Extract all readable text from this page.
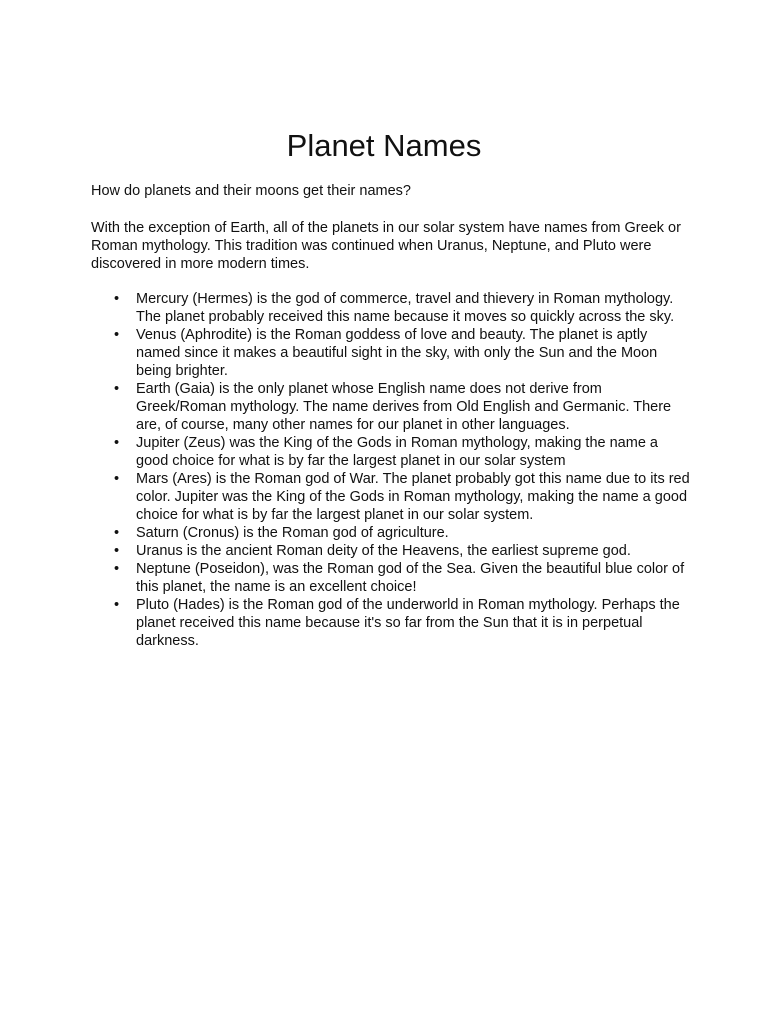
Planet Names

How do planets and their moons get their names?

With the exception of Earth, all of the planets in our solar system have names from Greek or Roman mythology. This tradition was continued when Uranus, Neptune, and Pluto were discovered in more modern times.

•	Mercury (Hermes) is the god of commerce, travel and thievery in Roman mythology. The planet probably received this name because it moves so quickly across the sky.
•	Venus (Aphrodite) is the Roman goddess of love and beauty. The planet is aptly named since it makes a beautiful sight in the sky, with only the Sun and the Moon being brighter.
•	Earth (Gaia) is the only planet whose English name does not derive from Greek/Roman mythology. The name derives from Old English and Germanic. There are, of course, many other names for our planet in other languages.
•	Jupiter (Zeus) was the King of the Gods in Roman mythology, making the name a good choice for what is by far the largest planet in our solar system
•	Mars (Ares) is the Roman god of War. The planet probably got this name due to its red color. Jupiter was the King of the Gods in Roman mythology, making the name a good choice for what is by far the largest planet in our solar system.
•	Saturn (Cronus) is the Roman god of agriculture.
•	Uranus is the ancient Roman deity of the Heavens, the earliest supreme god.
•	Neptune (Poseidon), was the Roman god of the Sea. Given the beautiful blue color of this planet, the name is an excellent choice!
•	Pluto (Hades) is the Roman god of the underworld in Roman mythology. Perhaps the planet received this name because it's so far from the Sun that it is in perpetual darkness.
